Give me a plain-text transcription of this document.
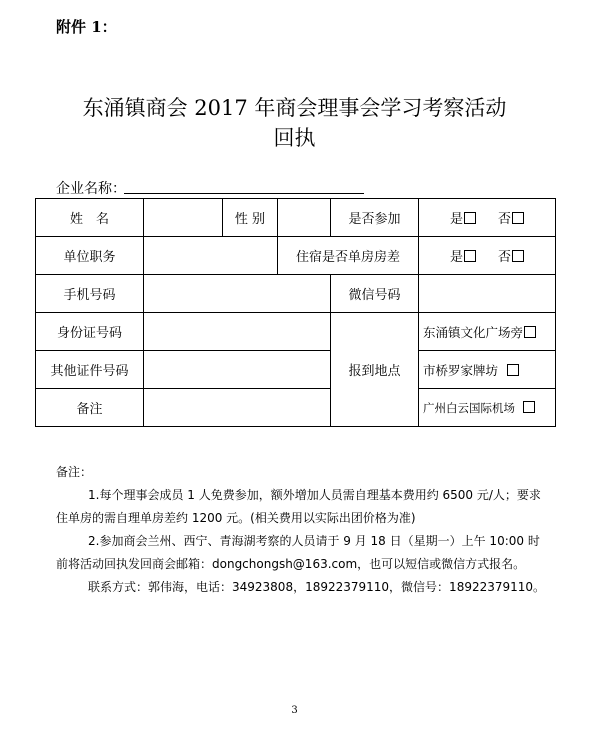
附件 1：
东涌镇商会 2017 年商会理事会学习考察活动
回执
企业名称：
姓　名		性 别		是否参加	是 否
单位职务			住宿是否单房房差		是 否
手机号码				微信号码	
身份证号码				报到地点	东涌镇文化广场旁
其他证件号码					市桥罗家牌坊
备注					广州白云国际机场

备注：

1.每个理事会成员 1 人免费参加，额外增加人员需自理基本费用约 6500 元/人；要求住单房的需自理单房差约 1200 元。(相关费用以实际出团价格为准)

2.参加商会兰州、西宁、青海湖考察的人员请于 9 月 18 日（星期一）上午 10:00 时前将活动回执发回商会邮箱：dongchongsh@163.com，也可以短信或微信方式报名。

联系方式：郭伟海，电话：34923808，18922379110，微信号：18922379110。

3
